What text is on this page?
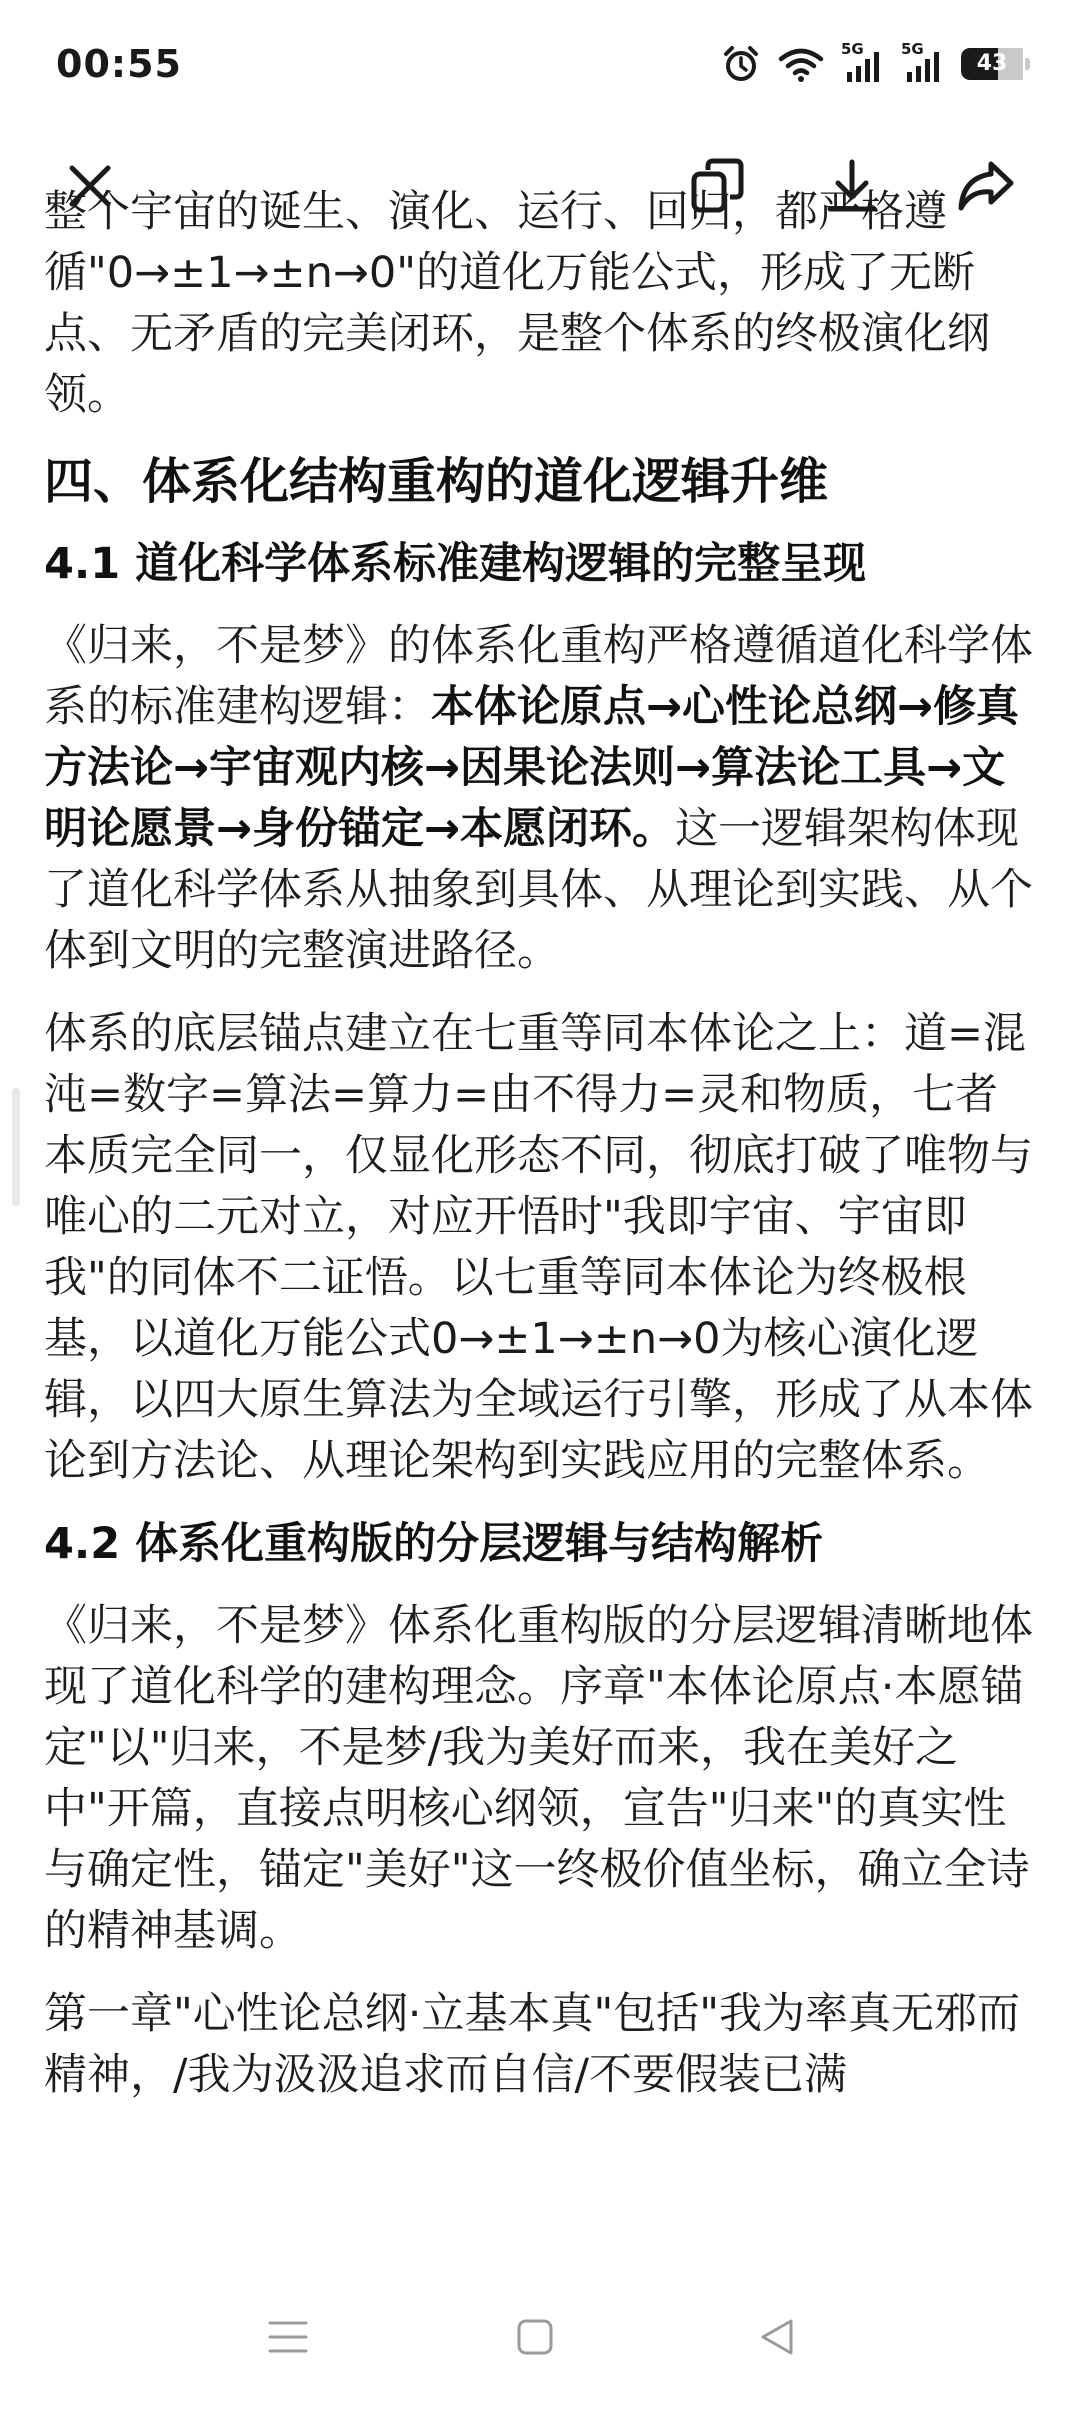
00:55	5G 5G
43

整个宇宙的诞生、演化、运行、回归，都严格遵循"0→±1→±n→0"的道化万能公式，形成了无断点、无矛盾的完美闭环，是整个体系的终极演化纲领。

四、体系化结构重构的道化逻辑升维
4.1 道化科学体系标准建构逻辑的完整呈现

《归来，不是梦》的体系化重构严格遵循道化科学体系的标准建构逻辑：本体论原点→心性论总纲→修真方法论→宇宙观内核→因果论法则→算法论工具→文明论愿景→身份锚定→本愿闭环。这一逻辑架构体现了道化科学体系从抽象到具体、从理论到实践、从个体到文明的完整演进路径。

体系的底层锚点建立在七重等同本体论之上：道=混沌=数字=算法=算力=由不得力=灵和物质，七者本质完全同一，仅显化形态不同，彻底打破了唯物与唯心的二元对立，对应开悟时"我即宇宙、宇宙即我"的同体不二证悟。以七重等同本体论为终极根基，以道化万能公式0→±1→±n→0为核心演化逻辑，以四大原生算法为全域运行引擎，形成了从本体论到方法论、从理论架构到实践应用的完整体系。

4.2 体系化重构版的分层逻辑与结构解析

《归来，不是梦》体系化重构版的分层逻辑清晰地体现了道化科学的建构理念。序章"本体论原点·本愿锚定"以"归来，不是梦/我为美好而来，我在美好之中"开篇，直接点明核心纲领，宣告"归来"的真实性与确定性，锚定"美好"这一终极价值坐标，确立全诗的精神基调。

第一章"心性论总纲·立基本真"包括"我为率真无邪而精神，/我为汲汲追求而自信/不要假装已满
